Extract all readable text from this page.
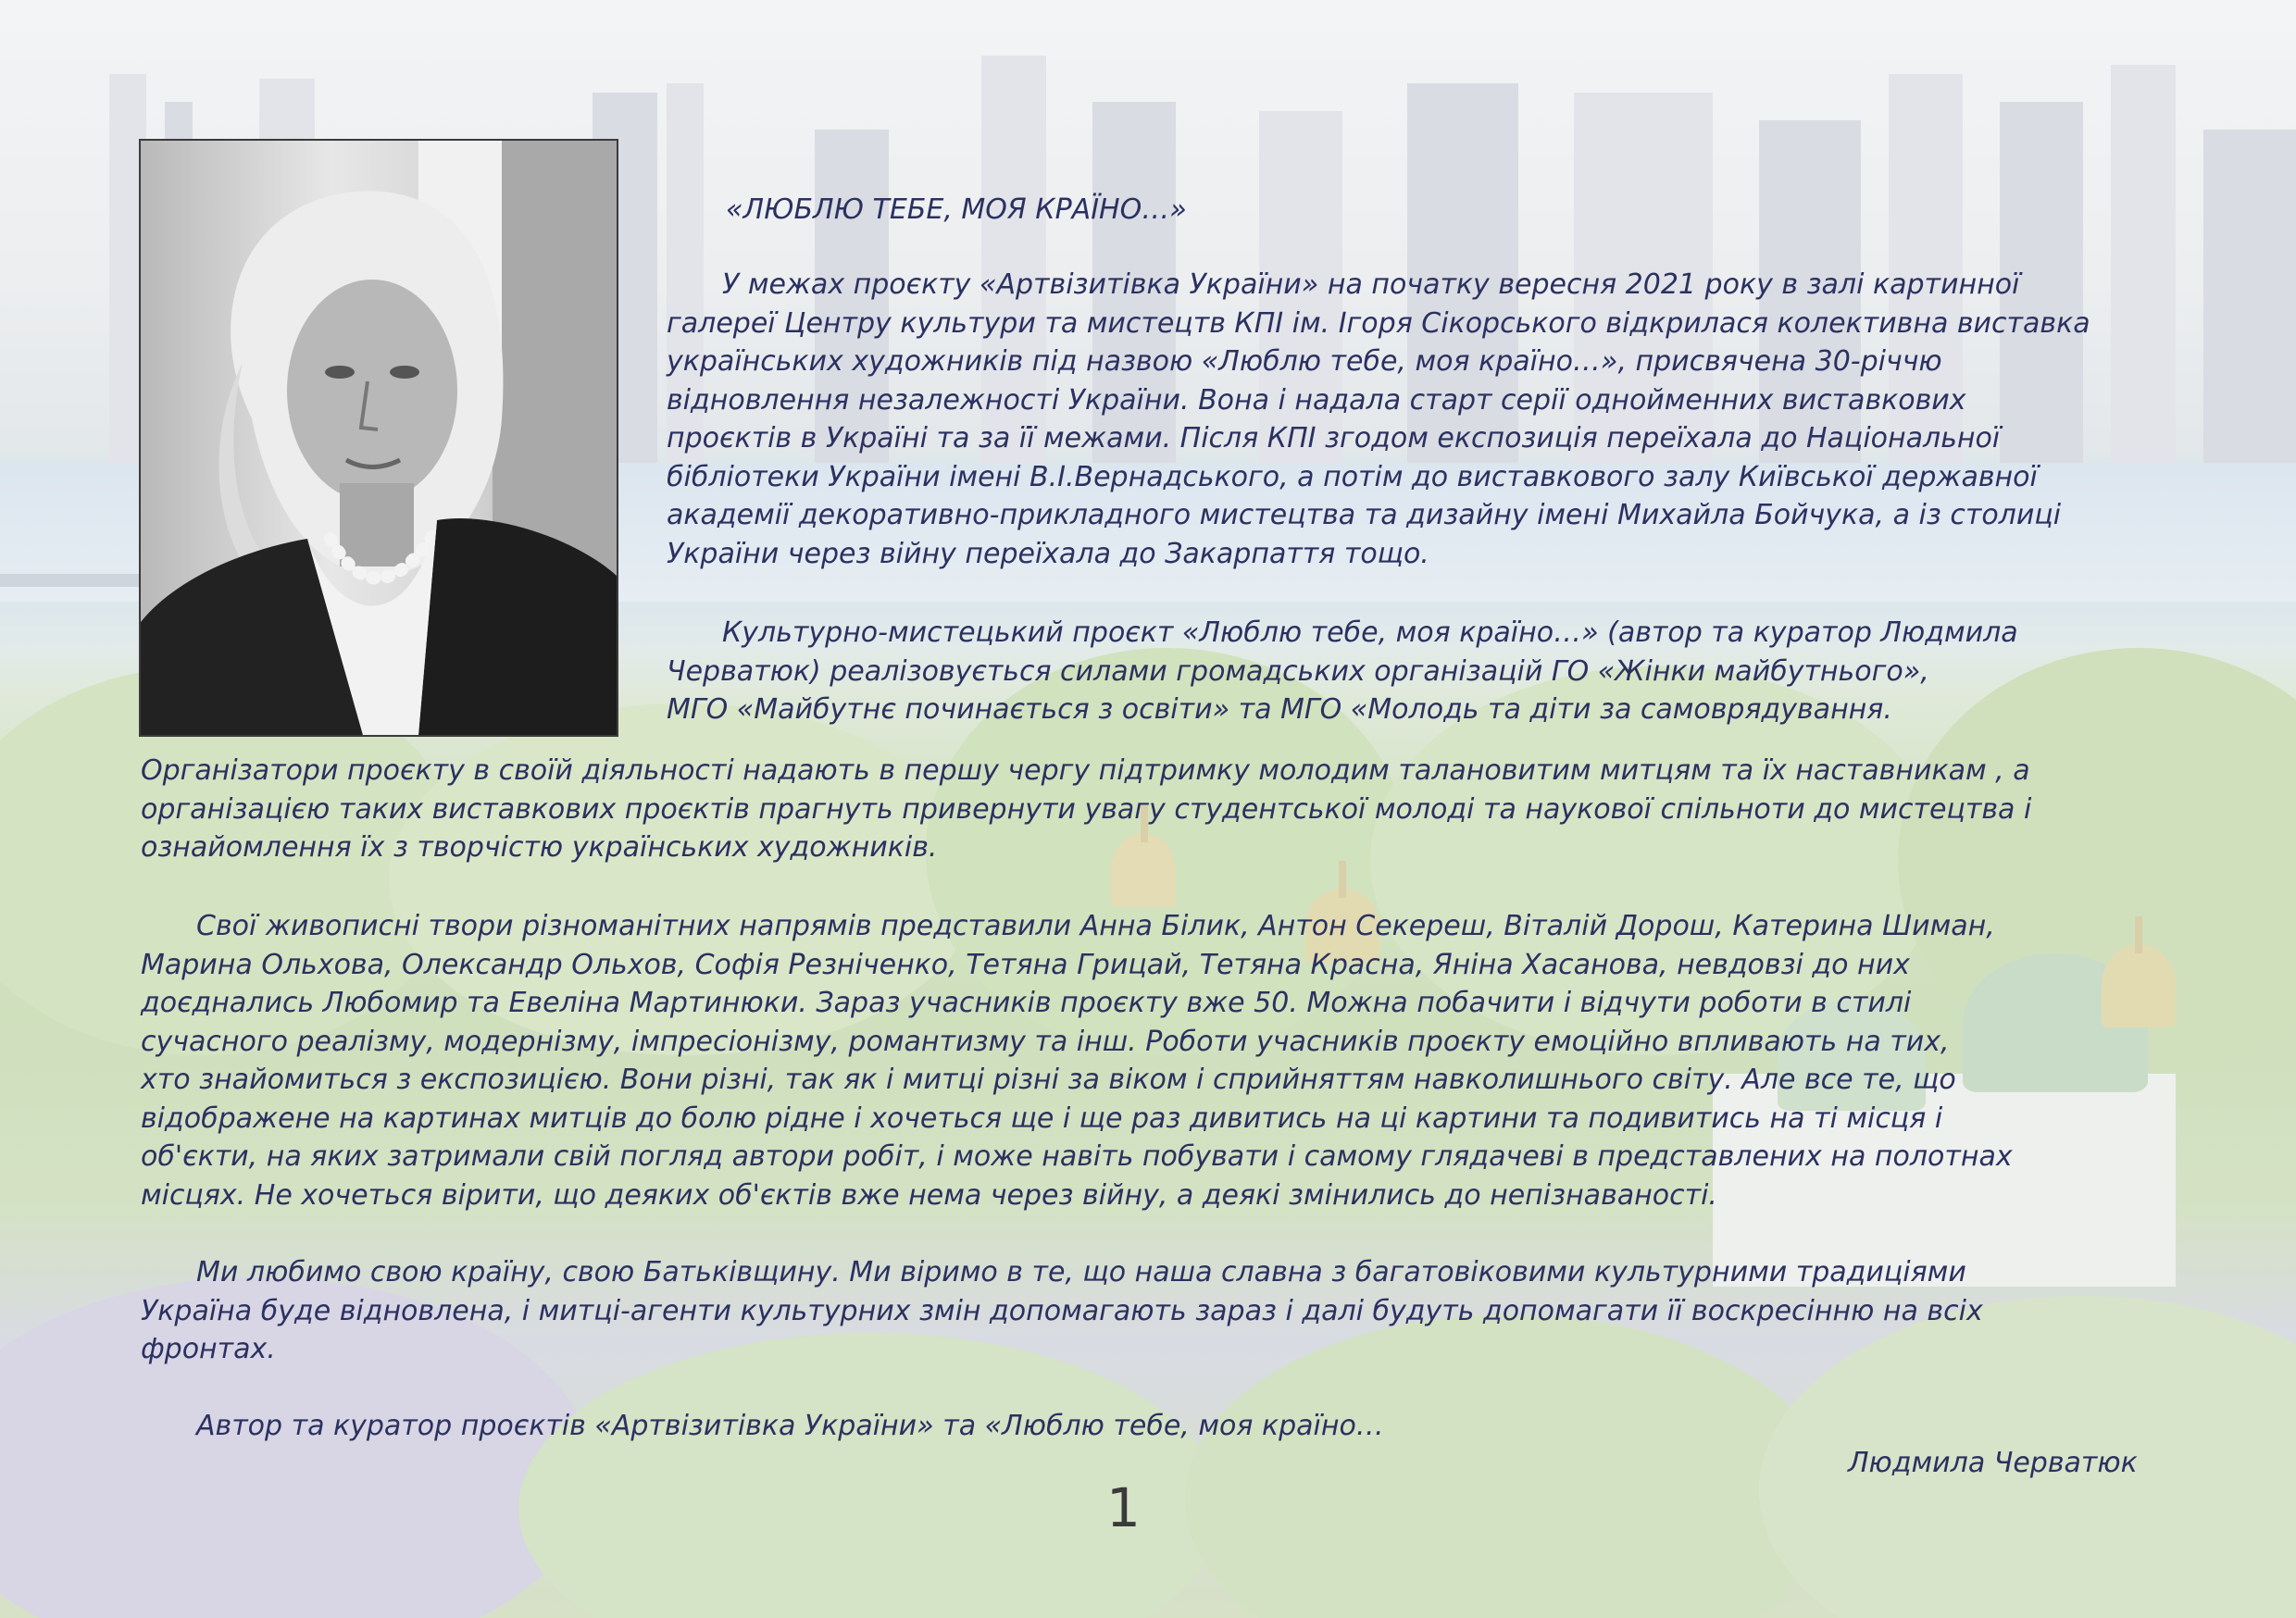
«ЛЮБЛЮ ТЕБЕ, МОЯ КРАЇНО…»
У межах проєкту «Артвізитівка України» на початку вересня 2021 року в залі картинної
галереї Центру культури та мистецтв КПІ ім. Ігоря Сікорського відкрилася колективна виставка
українських художників під назвою «Люблю тебе, моя країно…», присвячена 30-річчю
відновлення незалежності України. Вона і надала старт серії однойменних виставкових
проєктів в Україні та за її межами. Після КПІ згодом експозиція переїхала до Національної
бібліотеки України імені В.І.Вернадського, а потім до виставкового залу Київської державної
академії декоративно-прикладного мистецтва та дизайну імені Михайла Бойчука, а із столиці
України через війну переїхала до Закарпаття тощо.
Культурно-мистецький проєкт «Люблю тебе, моя країно…» (автор та куратор Людмила
Черватюк) реалізовується силами громадських організацій ГО «Жінки майбутнього»,
МГО «Майбутнє починається з освіти» та МГО «Молодь та діти за самоврядування.
Організатори проєкту в своїй діяльності надають в першу чергу підтримку молодим талановитим митцям та їх наставникам , а
організацією таких виставкових проєктів прагнуть привернути увагу студентської молоді та наукової спільноти до мистецтва і
ознайомлення їх з творчістю українських художників.
Свої живописні твори різноманітних напрямів представили Анна Білик, Антон Секереш, Віталій Дорош, Катерина Шиман,
Марина Ольхова, Олександр Ольхов, Софія Резніченко, Тетяна Грицай, Тетяна Красна, Яніна Хасанова, невдовзі до них
доєднались Любомир та Евеліна Мартинюки. Зараз учасників проєкту вже 50. Можна побачити і відчути роботи в стилі
сучасного реалізму, модернізму, імпресіонізму, романтизму та інш. Роботи учасників проєкту емоційно впливають на тих,
хто знайомиться з експозицією. Вони різні, так як і митці різні за віком і сприйняттям навколишнього світу. Але все те, що
відображене на картинах митців до болю рідне і хочеться ще і ще раз дивитись на ці картини та подивитись на ті місця і
об'єкти, на яких затримали свій погляд автори робіт, і може навіть побувати і самому глядачеві в представлених на полотнах
місцях. Не хочеться вірити, що деяких об'єктів вже нема через війну, а деякі змінились до непізнаваності.
Ми любимо свою країну, свою Батьківщину. Ми віримо в те, що наша славна з багатовіковими культурними традиціями
Україна буде відновлена, і митці-агенти культурних змін допомагають зараз і далі будуть допомагати її воскресінню на всіх
фронтах.
Автор та куратор проєктів «Артвізитівка України» та «Люблю тебе, моя країно…
Людмила Черватюк
1
